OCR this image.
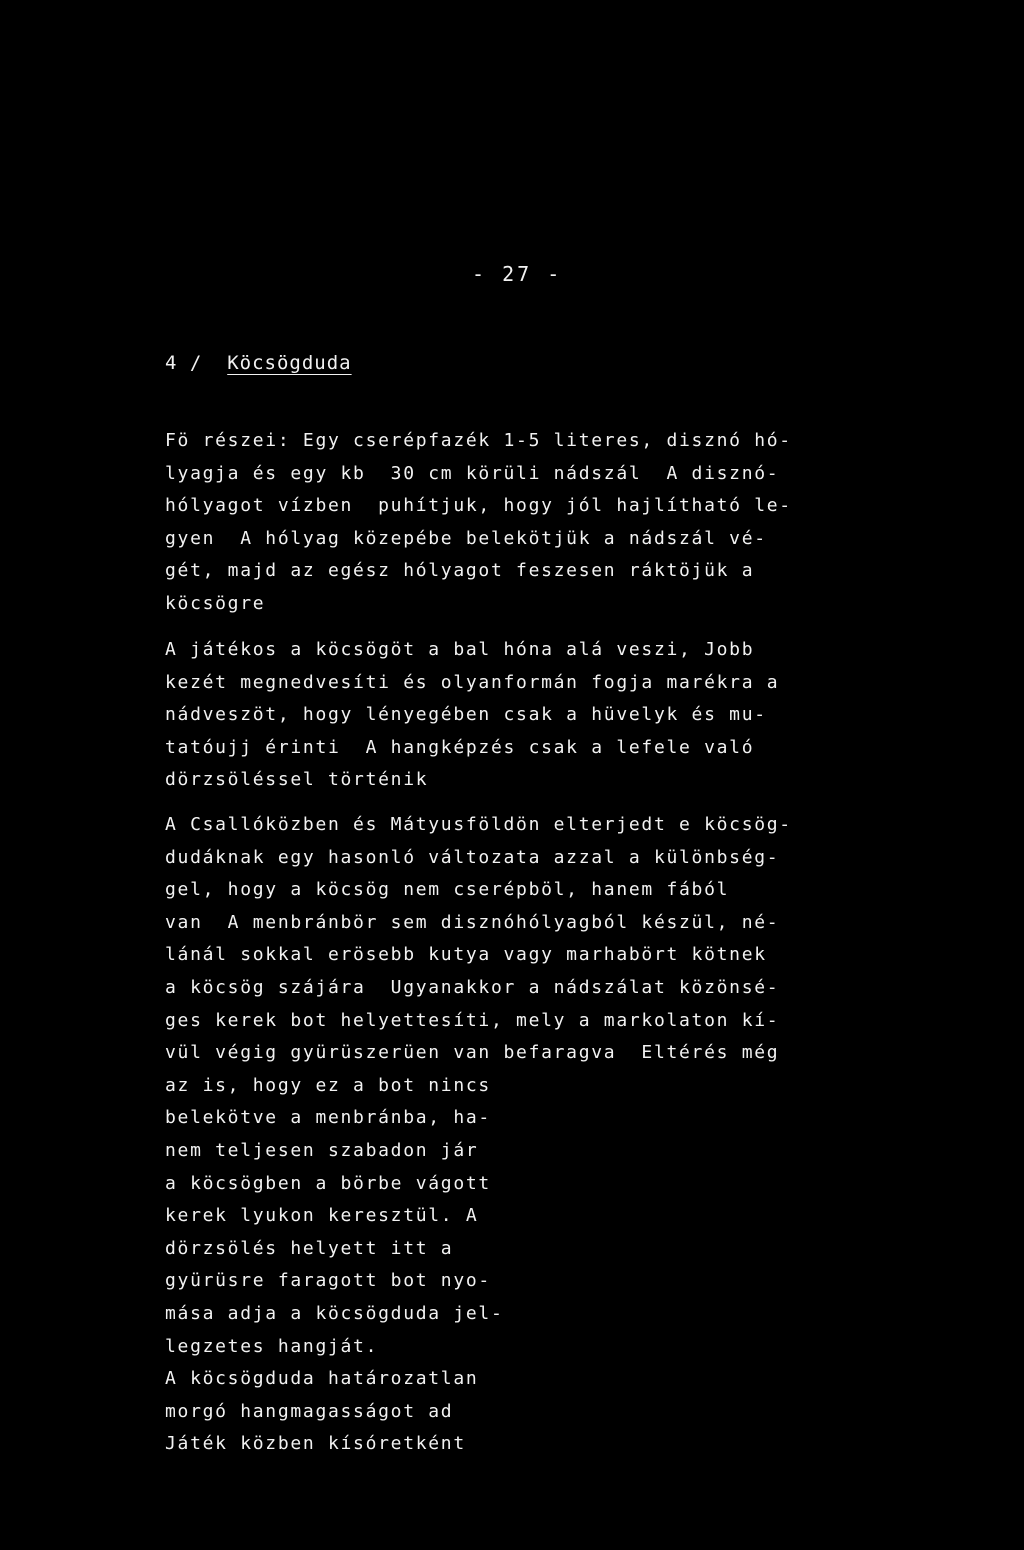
- 27 -
4 / Köcsögduda
Fö részei: Egy cserépfazék 1-5 literes, disznó hó-
lyagja és egy kb  30 cm körüli nádszál  A disznó-
hólyagot vízben  puhítjuk, hogy jól hajlítható le-
gyen  A hólyag közepébe belekötjük a nádszál vé-
gét, majd az egész hólyagot feszesen ráktöjük a
köcsögre
A játékos a köcsögöt a bal hóna alá veszi, Jobb
kezét megnedvesíti és olyanformán fogja marékra a
nádveszöt, hogy lényegében csak a hüvelyk és mu-
tatóujj érinti  A hangképzés csak a lefele való
dörzsöléssel történik
A Csallóközben és Mátyusföldön elterjedt e köcsög-
dudáknak egy hasonló változata azzal a különbség-
gel, hogy a köcsög nem cserépböl, hanem fából
van  A menbránbör sem disznóhólyagból készül, né-
lánál sokkal erösebb kutya vagy marhabört kötnek
a köcsög szájára  Ugyanakkor a nádszálat közönsé-
ges kerek bot helyettesíti, mely a markolaton kí-
vül végig gyürüszerüen van befaragva  Eltérés még
az is, hogy ez a bot nincs
belekötve a menbránba, ha-
nem teljesen szabadon jár
a köcsögben a börbe vágott
kerek lyukon keresztül. A
dörzsölés helyett itt a
gyürüsre faragott bot nyo-
mása adja a köcsögduda jel-
legzetes hangját.
A köcsögduda határozatlan
morgó hangmagasságot ad
Játék közben kísóretként
